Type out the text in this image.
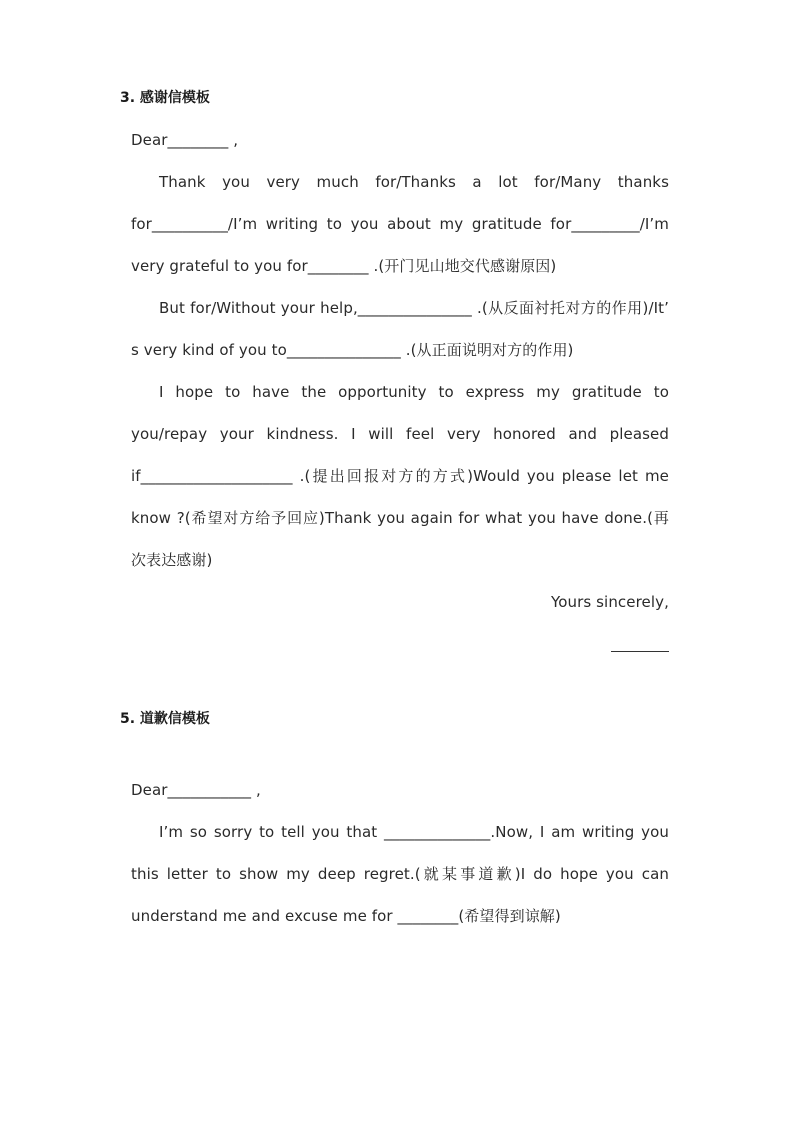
3. 感谢信模板
Dear________ ,
Thank you very much for/Thanks a lot for/Many thanks
for__________/I’m writing to you about my gratitude for_________/I’m
very grateful to you for________ .(开门见山地交代感谢原因)
But for/Without your help,_______________ .(从反面衬托对方的作用)/It’
s very kind of you to_______________ .(从正面说明对方的作用)
I hope to have the opportunity to express my gratitude to
you/repay your kindness. I will feel very honored and pleased
if____________________ .(提出回报对方的方式)Would you please let me
know ?(希望对方给予回应)Thank you again for what you have done.(再
次表达感谢)
Yours sincerely,
5. 道歉信模板
Dear___________ ,
I’m so sorry to tell you that ______________.Now, I am writing you
this letter to show my deep regret.(就某事道歉)I do hope you can
understand me and excuse me for ________(希望得到谅解)
